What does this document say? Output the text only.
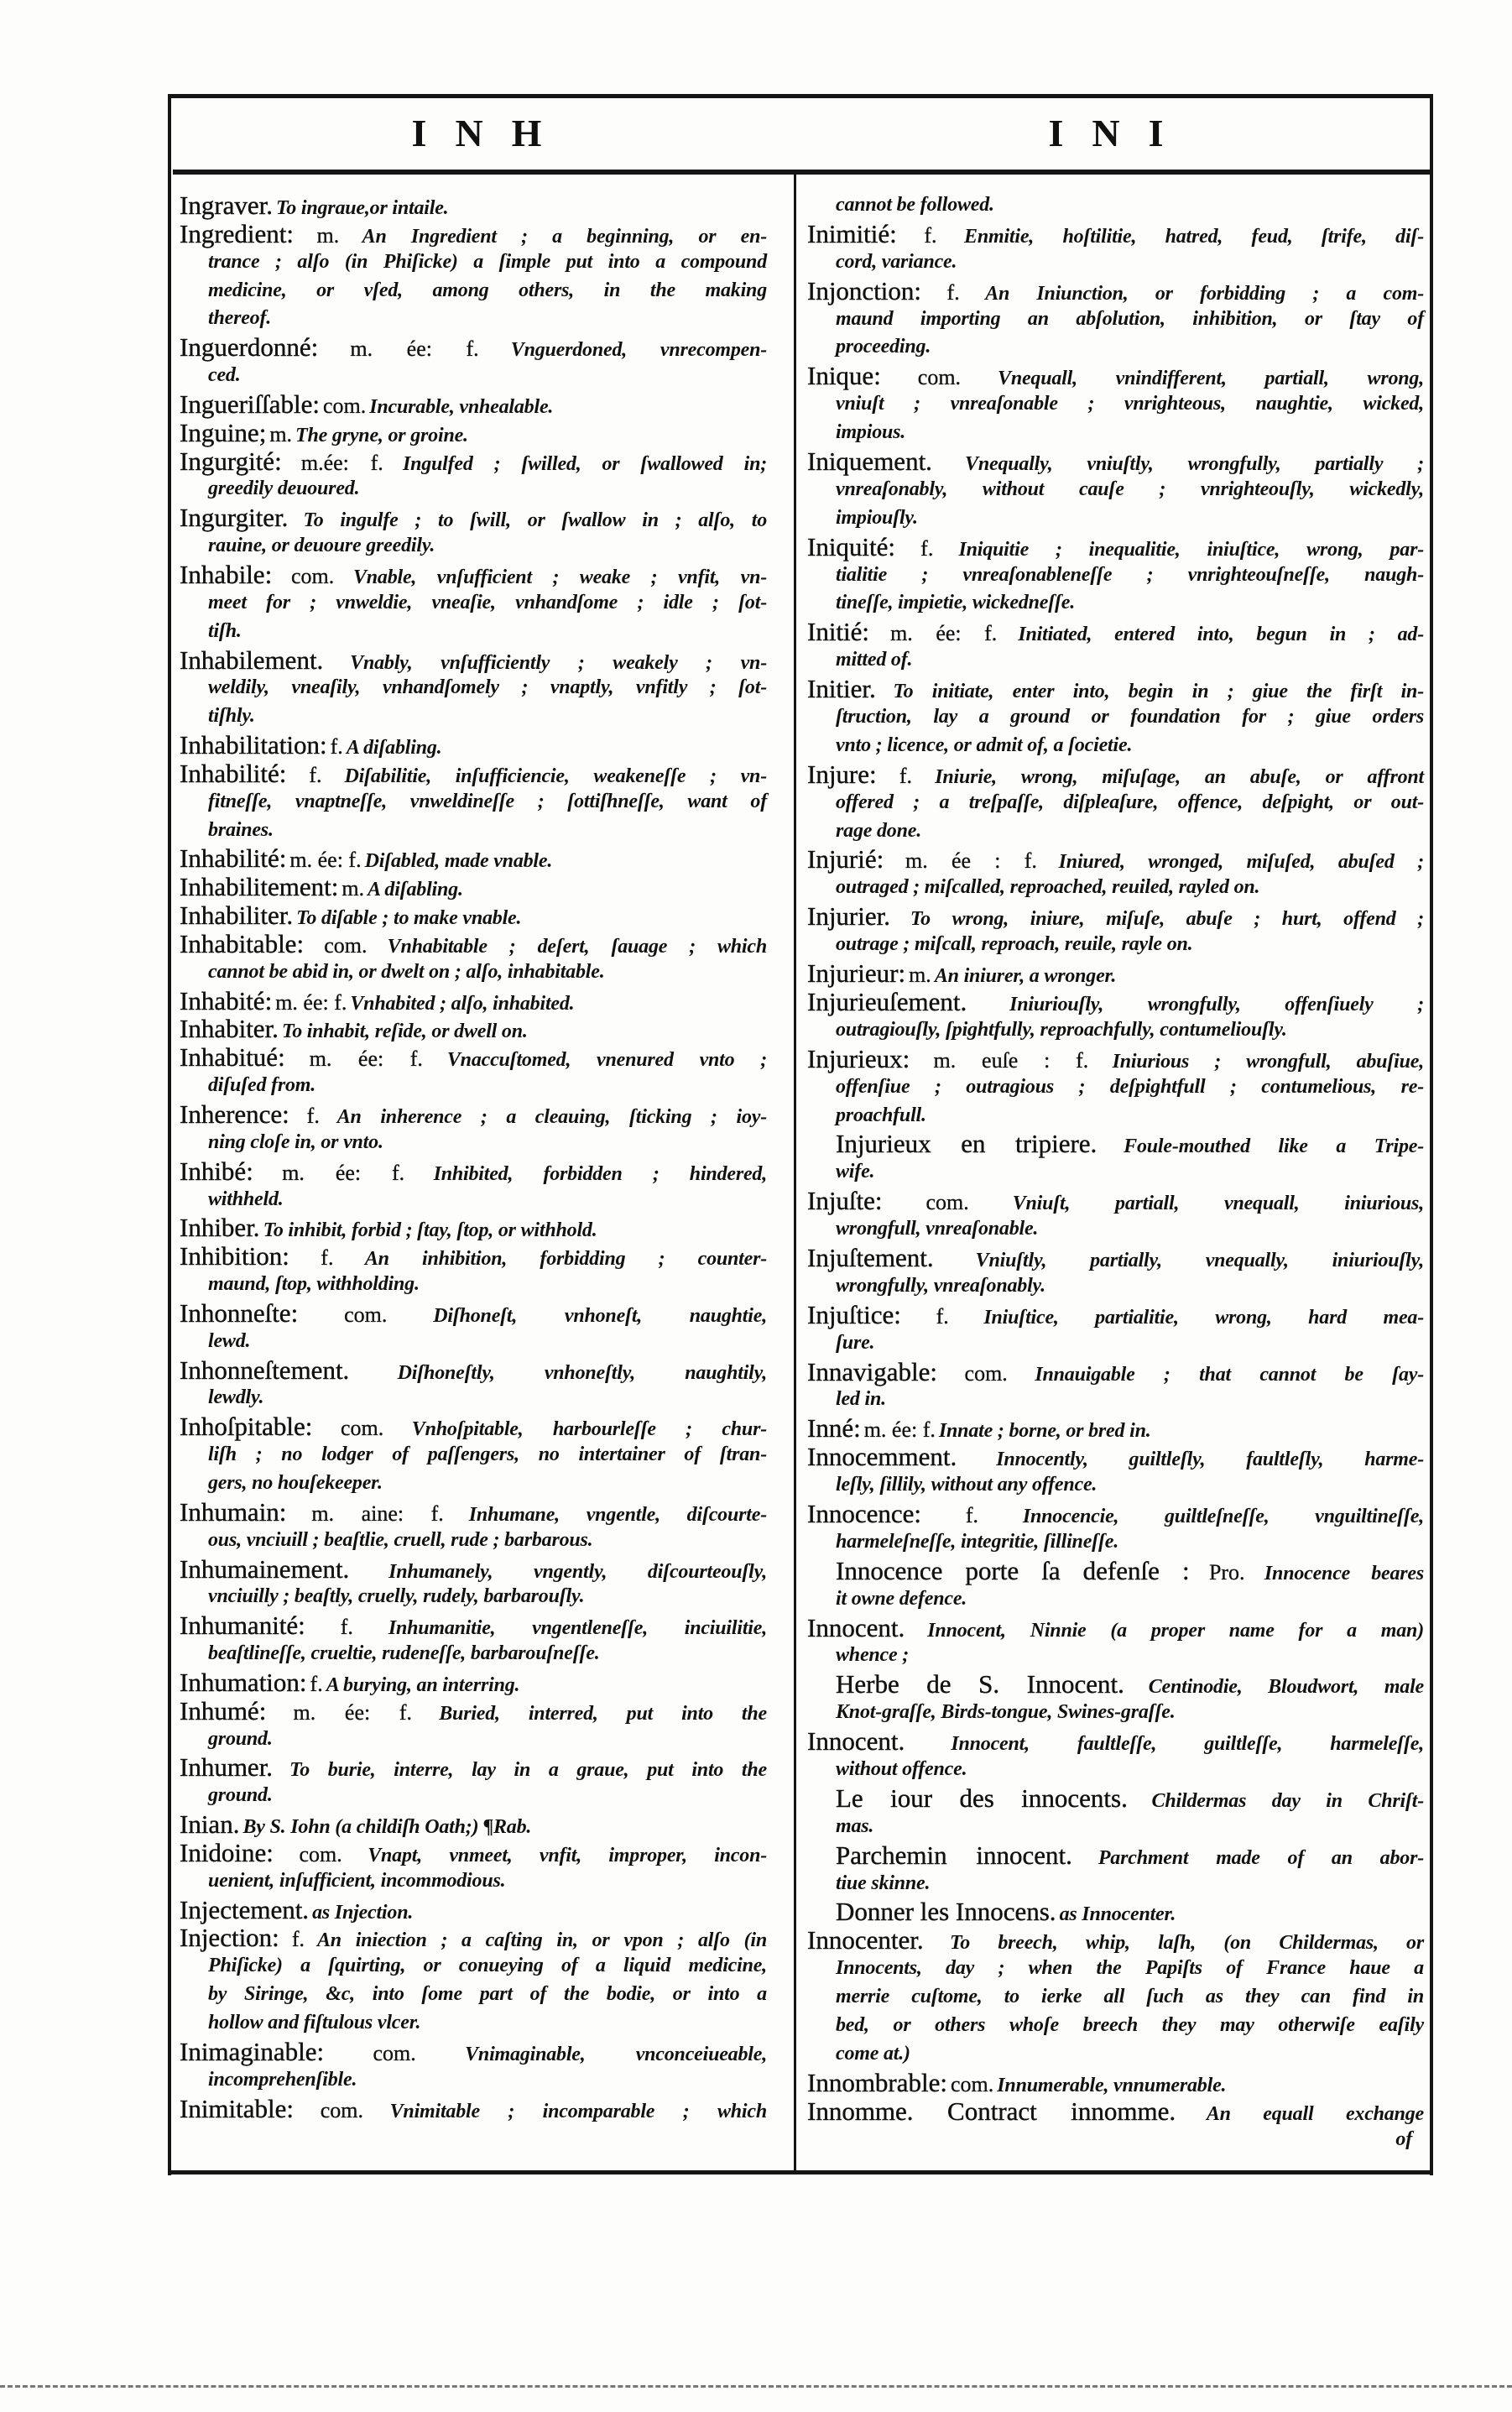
INH	INI
Ingraver. To ingraue,or intaile.
Ingredient: m. An Ingredient ; a beginning, or en-
trance ; alſo (in Phiſicke) a ſimple put into a compound
medicine, or vſed, among others, in the making
thereof.
Inguerdonné: m. ée: f. Vnguerdoned, vnrecompen-
ced.
Ingueriſſable: com. Incurable, vnhealable.
Inguine; m. The gryne, or groine.
Ingurgité: m.ée: f. Ingulfed ; ſwilled, or ſwallowed in;
greedily deuoured.
Ingurgiter. To ingulfe ; to ſwill, or ſwallow in ; alſo, to
rauine, or deuoure greedily.
Inhabile: com. Vnable, vnſufficient ; weake ; vnfit, vn-
meet for ; vnweldie, vneaſie, vnhandſome ; idle ; ſot-
tiſh.
Inhabilement. Vnably, vnſufficiently ; weakely ; vn-
weldily, vneaſily, vnhandſomely ; vnaptly, vnfitly ; ſot-
tiſhly.
Inhabilitation: f. A diſabling.
Inhabilité: f. Diſabilitie, inſufficiencie, weakeneſſe ; vn-
fitneſſe, vnaptneſſe, vnweldineſſe ; ſottiſhneſſe, want of
braines.
Inhabilité: m. ée: f. Diſabled, made vnable.
Inhabilitement: m. A diſabling.
Inhabiliter. To diſable ; to make vnable.
Inhabitable: com. Vnhabitable ; deſert, ſauage ; which
cannot be abid in, or dwelt on ; alſo, inhabitable.
Inhabité: m. ée: f. Vnhabited ; alſo, inhabited.
Inhabiter. To inhabit, reſide, or dwell on.
Inhabitué: m. ée: f. Vnaccuſtomed, vnenured vnto ;
diſuſed from.
Inherence: f. An inherence ; a cleauing, ſticking ; ioy-
ning cloſe in, or vnto.
Inhibé: m. ée: f. Inhibited, forbidden ; hindered,
withheld.
Inhiber. To inhibit, forbid ; ſtay, ſtop, or withhold.
Inhibition: f. An inhibition, forbidding ; counter-
maund, ſtop, withholding.
Inhonneſte: com. Diſhoneſt, vnhoneſt, naughtie,
lewd.
Inhonneſtement. Diſhoneſtly, vnhoneſtly, naughtily,
lewdly.
Inhoſpitable: com. Vnhoſpitable, harbourleſſe ; chur-
liſh ; no lodger of paſſengers, no intertainer of ſtran-
gers, no houſekeeper.
Inhumain: m. aine: f. Inhumane, vngentle, diſcourte-
ous, vnciuill ; beaſtlie, cruell, rude ; barbarous.
Inhumainement. Inhumanely, vngently, diſcourteouſly,
vnciuilly ; beaſtly, cruelly, rudely, barbarouſly.
Inhumanité: f. Inhumanitie, vngentleneſſe, inciuilitie,
beaſtlineſſe, crueltie, rudeneſſe, barbarouſneſſe.
Inhumation: f. A burying, an interring.
Inhumé: m. ée: f. Buried, interred, put into the
ground.
Inhumer. To burie, interre, lay in a graue, put into the
ground.
Inian. By S. Iohn (a childiſh Oath;) ¶Rab.
Inidoine: com. Vnapt, vnmeet, vnfit, improper, incon-
uenient, inſufficient, incommodious.
Injectement. as Injection.
Injection: f. An iniection ; a caſting in, or vpon ; alſo (in
Phiſicke) a ſquirting, or conueying of a liquid medicine,
by Siringe, &c, into ſome part of the bodie, or into a
hollow and fiſtulous vlcer.
Inimaginable: com. Vnimaginable, vnconceiueable,
incomprehenſible.
Inimitable: com. Vnimitable ; incomparable ; which
cannot be followed.
Inimitié: f. Enmitie, hoſtilitie, hatred, feud, ſtrife, diſ-
cord, variance.
Injonction: f. An Iniunction, or forbidding ; a com-
maund importing an abſolution, inhibition, or ſtay of
proceeding.
Inique: com. Vnequall, vnindifferent, partiall, wrong,
vniuſt ; vnreaſonable ; vnrighteous, naughtie, wicked,
impious.
Iniquement. Vnequally, vniuſtly, wrongfully, partially ;
vnreaſonably, without cauſe ; vnrighteouſly, wickedly,
impiouſly.
Iniquité: f. Iniquitie ; inequalitie, iniuſtice, wrong, par-
tialitie ; vnreaſonableneſſe ; vnrighteouſneſſe, naugh-
tineſſe, impietie, wickedneſſe.
Initié: m. ée: f. Initiated, entered into, begun in ; ad-
mitted of.
Initier. To initiate, enter into, begin in ; giue the firſt in-
ſtruction, lay a ground or foundation for ; giue orders
vnto ; licence, or admit of, a ſocietie.
Injure: f. Iniurie, wrong, miſuſage, an abuſe, or affront
offered ; a treſpaſſe, diſpleaſure, offence, deſpight, or out-
rage done.
Injurié: m. ée : f. Iniured, wronged, miſuſed, abuſed ;
outraged ; miſcalled, reproached, reuiled, rayled on.
Injurier. To wrong, iniure, miſuſe, abuſe ; hurt, offend ;
outrage ; miſcall, reproach, reuile, rayle on.
Injurieur: m. An iniurer, a wronger.
Injurieuſement. Iniuriouſly, wrongfully, offenſiuely ;
outragiouſly, ſpightfully, reproachfully, contumeliouſly.
Injurieux: m. euſe : f. Iniurious ; wrongfull, abuſiue,
offenſiue ; outragious ; deſpightfull ; contumelious, re-
proachfull.
Injurieux en tripiere. Foule-mouthed like a Tripe-
wife.
Injuſte: com. Vniuſt, partiall, vnequall, iniurious,
wrongfull, vnreaſonable.
Injuſtement. Vniuſtly, partially, vnequally, iniuriouſly,
wrongfully, vnreaſonably.
Injuſtice: f. Iniuſtice, partialitie, wrong, hard mea-
ſure.
Innavigable: com. Innauigable ; that cannot be ſay-
led in.
Inné: m. ée: f. Innate ; borne, or bred in.
Innocemment. Innocently, guiltleſly, faultleſly, harme-
leſly, ſillily, without any offence.
Innocence: f. Innocencie, guiltleſneſſe, vnguiltineſſe,
harmeleſneſſe, integritie, ſillineſſe.
Innocence porte ſa defenſe : Pro. Innocence beares
it owne defence.
Innocent. Innocent, Ninnie (a proper name for a man)
whence ;
Herbe de S. Innocent. Centinodie, Bloudwort, male
Knot-graſſe, Birds-tongue, Swines-graſſe.
Innocent. Innocent, faultleſſe, guiltleſſe, harmeleſſe,
without offence.
Le iour des innocents. Childermas day in Chriſt-
mas.
Parchemin innocent. Parchment made of an abor-
tiue skinne.
Donner les Innocens. as Innocenter.
Innocenter. To breech, whip, laſh, (on Childermas, or
Innocents, day ; when the Papiſts of France haue a
merrie cuſtome, to ierke all ſuch as they can find in
bed, or others whoſe breech they may otherwiſe eaſily
come at.)
Innombrable: com. Innumerable, vnnumerable.
Innomme. Contract innomme. An equall exchange
of
